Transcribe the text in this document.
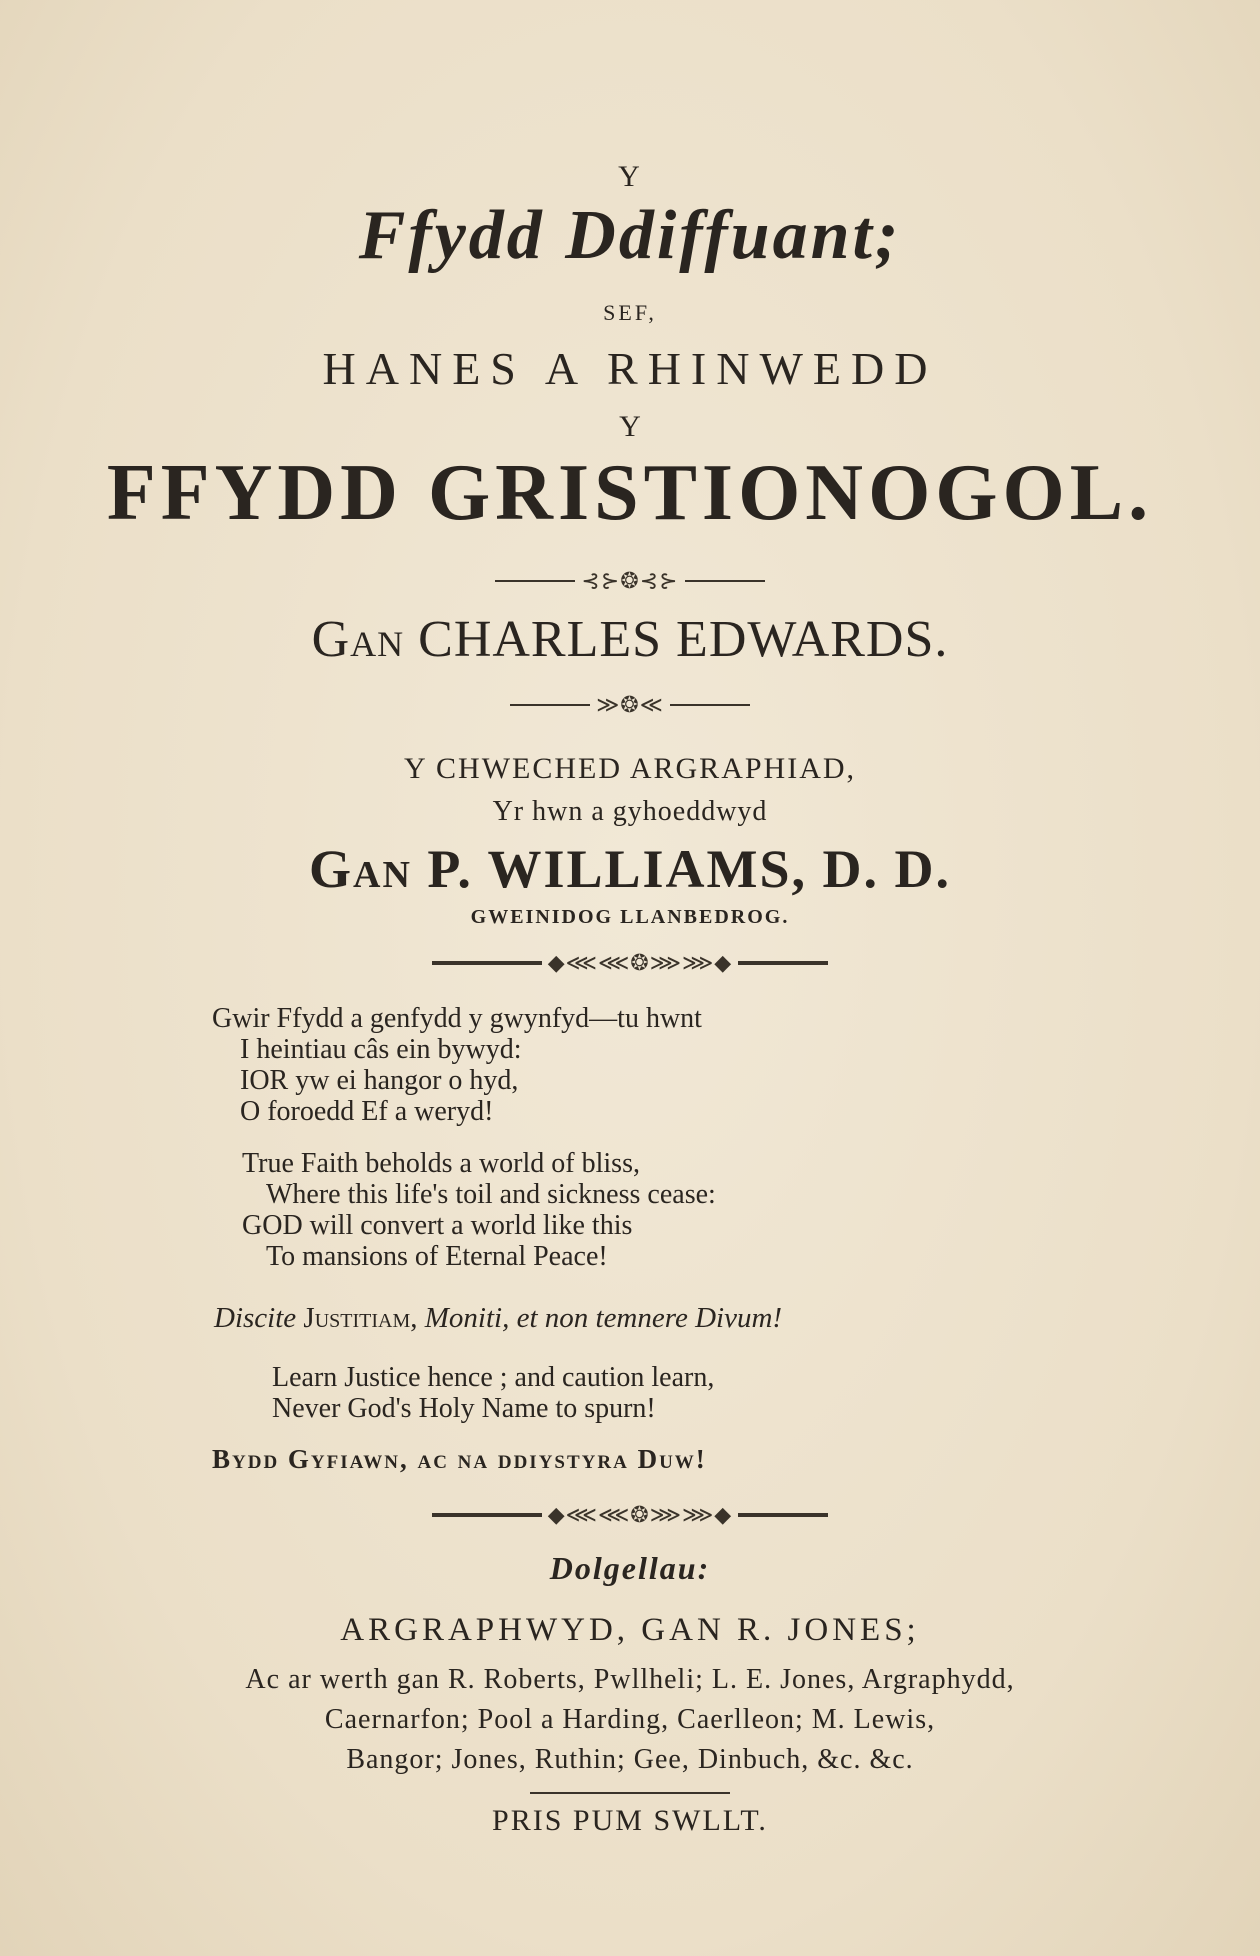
Y
Ffydd Ddiffuant;
SEF,
HANES A RHINWEDD
Y
FFYDD GRISTIONOGOL.
⊰⊱❂⊰⊱
Gan CHARLES EDWARDS.
≫❂≪
Y CHWECHED ARGRAPHIAD,
Yr hwn a gyhoeddwyd
Gan P. WILLIAMS, D. D.
GWEINIDOG LLANBEDROG.
◆⋘⋘❂⋙⋙◆
Gwir Ffydd a genfydd y gwynfyd—tu hwnt
I heintiau câs ein bywyd:
IOR yw ei hangor o hyd,
O foroedd Ef a weryd!
True Faith beholds a world of bliss,
Where this life's toil and sickness cease:
GOD will convert a world like this
To mansions of Eternal Peace!
Discite Justitiam, Moniti, et non temnere Divum!
Learn Justice hence ; and caution learn,
Never God's Holy Name to spurn!
Bydd Gyfiawn, ac na ddiystyra Duw!
◆⋘⋘❂⋙⋙◆
Dolgellau:
ARGRAPHWYD, GAN R. JONES;
Ac ar werth gan R. Roberts, Pwllheli; L. E. Jones, Argraphydd,
Caernarfon; Pool a Harding, Caerlleon; M. Lewis,
Bangor; Jones, Ruthin; Gee, Dinbuch, &c. &c.
PRIS PUM SWLLT.
